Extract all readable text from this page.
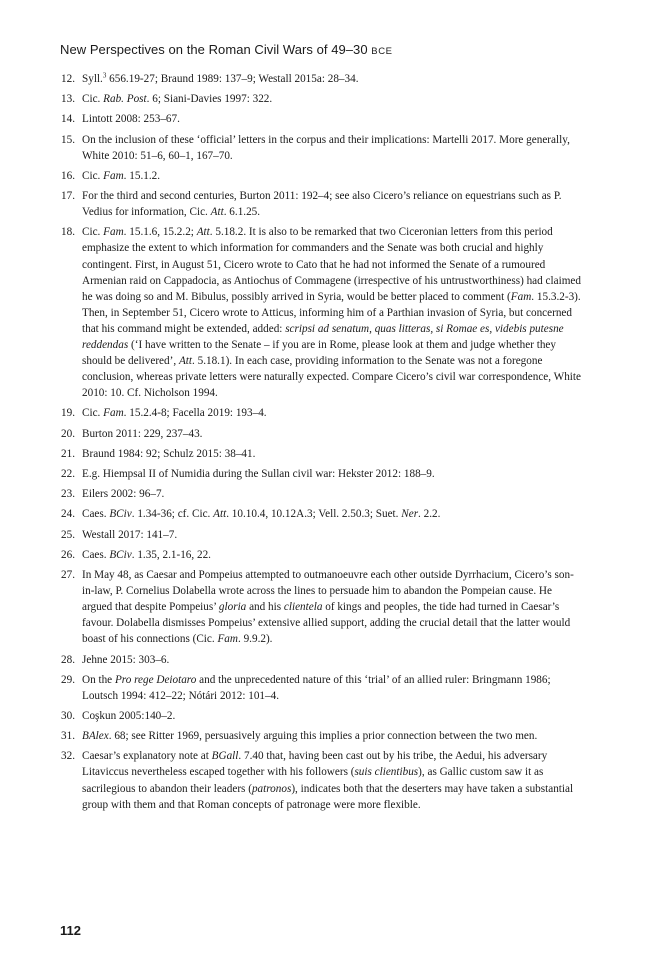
New Perspectives on the Roman Civil Wars of 49–30 BCE
12. Syll.$^3$ 656.19-27; Braund 1989: 137–9; Westall 2015a: 28–34.
13. Cic. Rab. Post. 6; Siani-Davies 1997: 322.
14. Lintott 2008: 253–67.
15. On the inclusion of these ‘official’ letters in the corpus and their implications: Martelli 2017. More generally, White 2010: 51–6, 60–1, 167–70.
16. Cic. Fam. 15.1.2.
17. For the third and second centuries, Burton 2011: 192–4; see also Cicero’s reliance on equestrians such as P. Vedius for information, Cic. Att. 6.1.25.
18. Cic. Fam. 15.1.6, 15.2.2; Att. 5.18.2. It is also to be remarked that two Ciceronian letters from this period emphasize the extent to which information for commanders and the Senate was both crucial and highly contingent. First, in August 51, Cicero wrote to Cato that he had not informed the Senate of a rumoured Armenian raid on Cappadocia, as Antiochus of Commagene (irrespective of his untrustworthiness) had claimed he was doing so and M. Bibulus, possibly arrived in Syria, would be better placed to comment (Fam. 15.3.2-3). Then, in September 51, Cicero wrote to Atticus, informing him of a Parthian invasion of Syria, but concerned that his command might be extended, added: scripsi ad senatum, quas litteras, si Romae es, videbis putesne reddendas (‘I have written to the Senate – if you are in Rome, please look at them and judge whether they should be delivered’, Att. 5.18.1). In each case, providing information to the Senate was not a foregone conclusion, whereas private letters were naturally expected. Compare Cicero’s civil war correspondence, White 2010: 10. Cf. Nicholson 1994.
19. Cic. Fam. 15.2.4-8; Facella 2019: 193–4.
20. Burton 2011: 229, 237–43.
21. Braund 1984: 92; Schulz 2015: 38–41.
22. E.g. Hiempsal II of Numidia during the Sullan civil war: Hekster 2012: 188–9.
23. Eilers 2002: 96–7.
24. Caes. BCiv. 1.34-36; cf. Cic. Att. 10.10.4, 10.12A.3; Vell. 2.50.3; Suet. Ner. 2.2.
25. Westall 2017: 141–7.
26. Caes. BCiv. 1.35, 2.1-16, 22.
27. In May 48, as Caesar and Pompeius attempted to outmanoeuvre each other outside Dyrrhacium, Cicero’s son-in-law, P. Cornelius Dolabella wrote across the lines to persuade him to abandon the Pompeian cause. He argued that despite Pompeius’ gloria and his clientela of kings and peoples, the tide had turned in Caesar’s favour. Dolabella dismisses Pompeius’ extensive allied support, adding the crucial detail that the latter would boast of his connections (Cic. Fam. 9.9.2).
28. Jehne 2015: 303–6.
29. On the Pro rege Deiotaro and the unprecedented nature of this ‘trial’ of an allied ruler: Bringmann 1986; Loutsch 1994: 412–22; Nótári 2012: 101–4.
30. Coşkun 2005:140–2.
31. BAlex. 68; see Ritter 1969, persuasively arguing this implies a prior connection between the two men.
32. Caesar’s explanatory note at BGall. 7.40 that, having been cast out by his tribe, the Aedui, his adversary Litaviccus nevertheless escaped together with his followers (suis clientibus), as Gallic custom saw it as sacrilegious to abandon their leaders (patronos), indicates both that the deserters may have taken a substantial group with them and that Roman concepts of patronage were more flexible.
112
